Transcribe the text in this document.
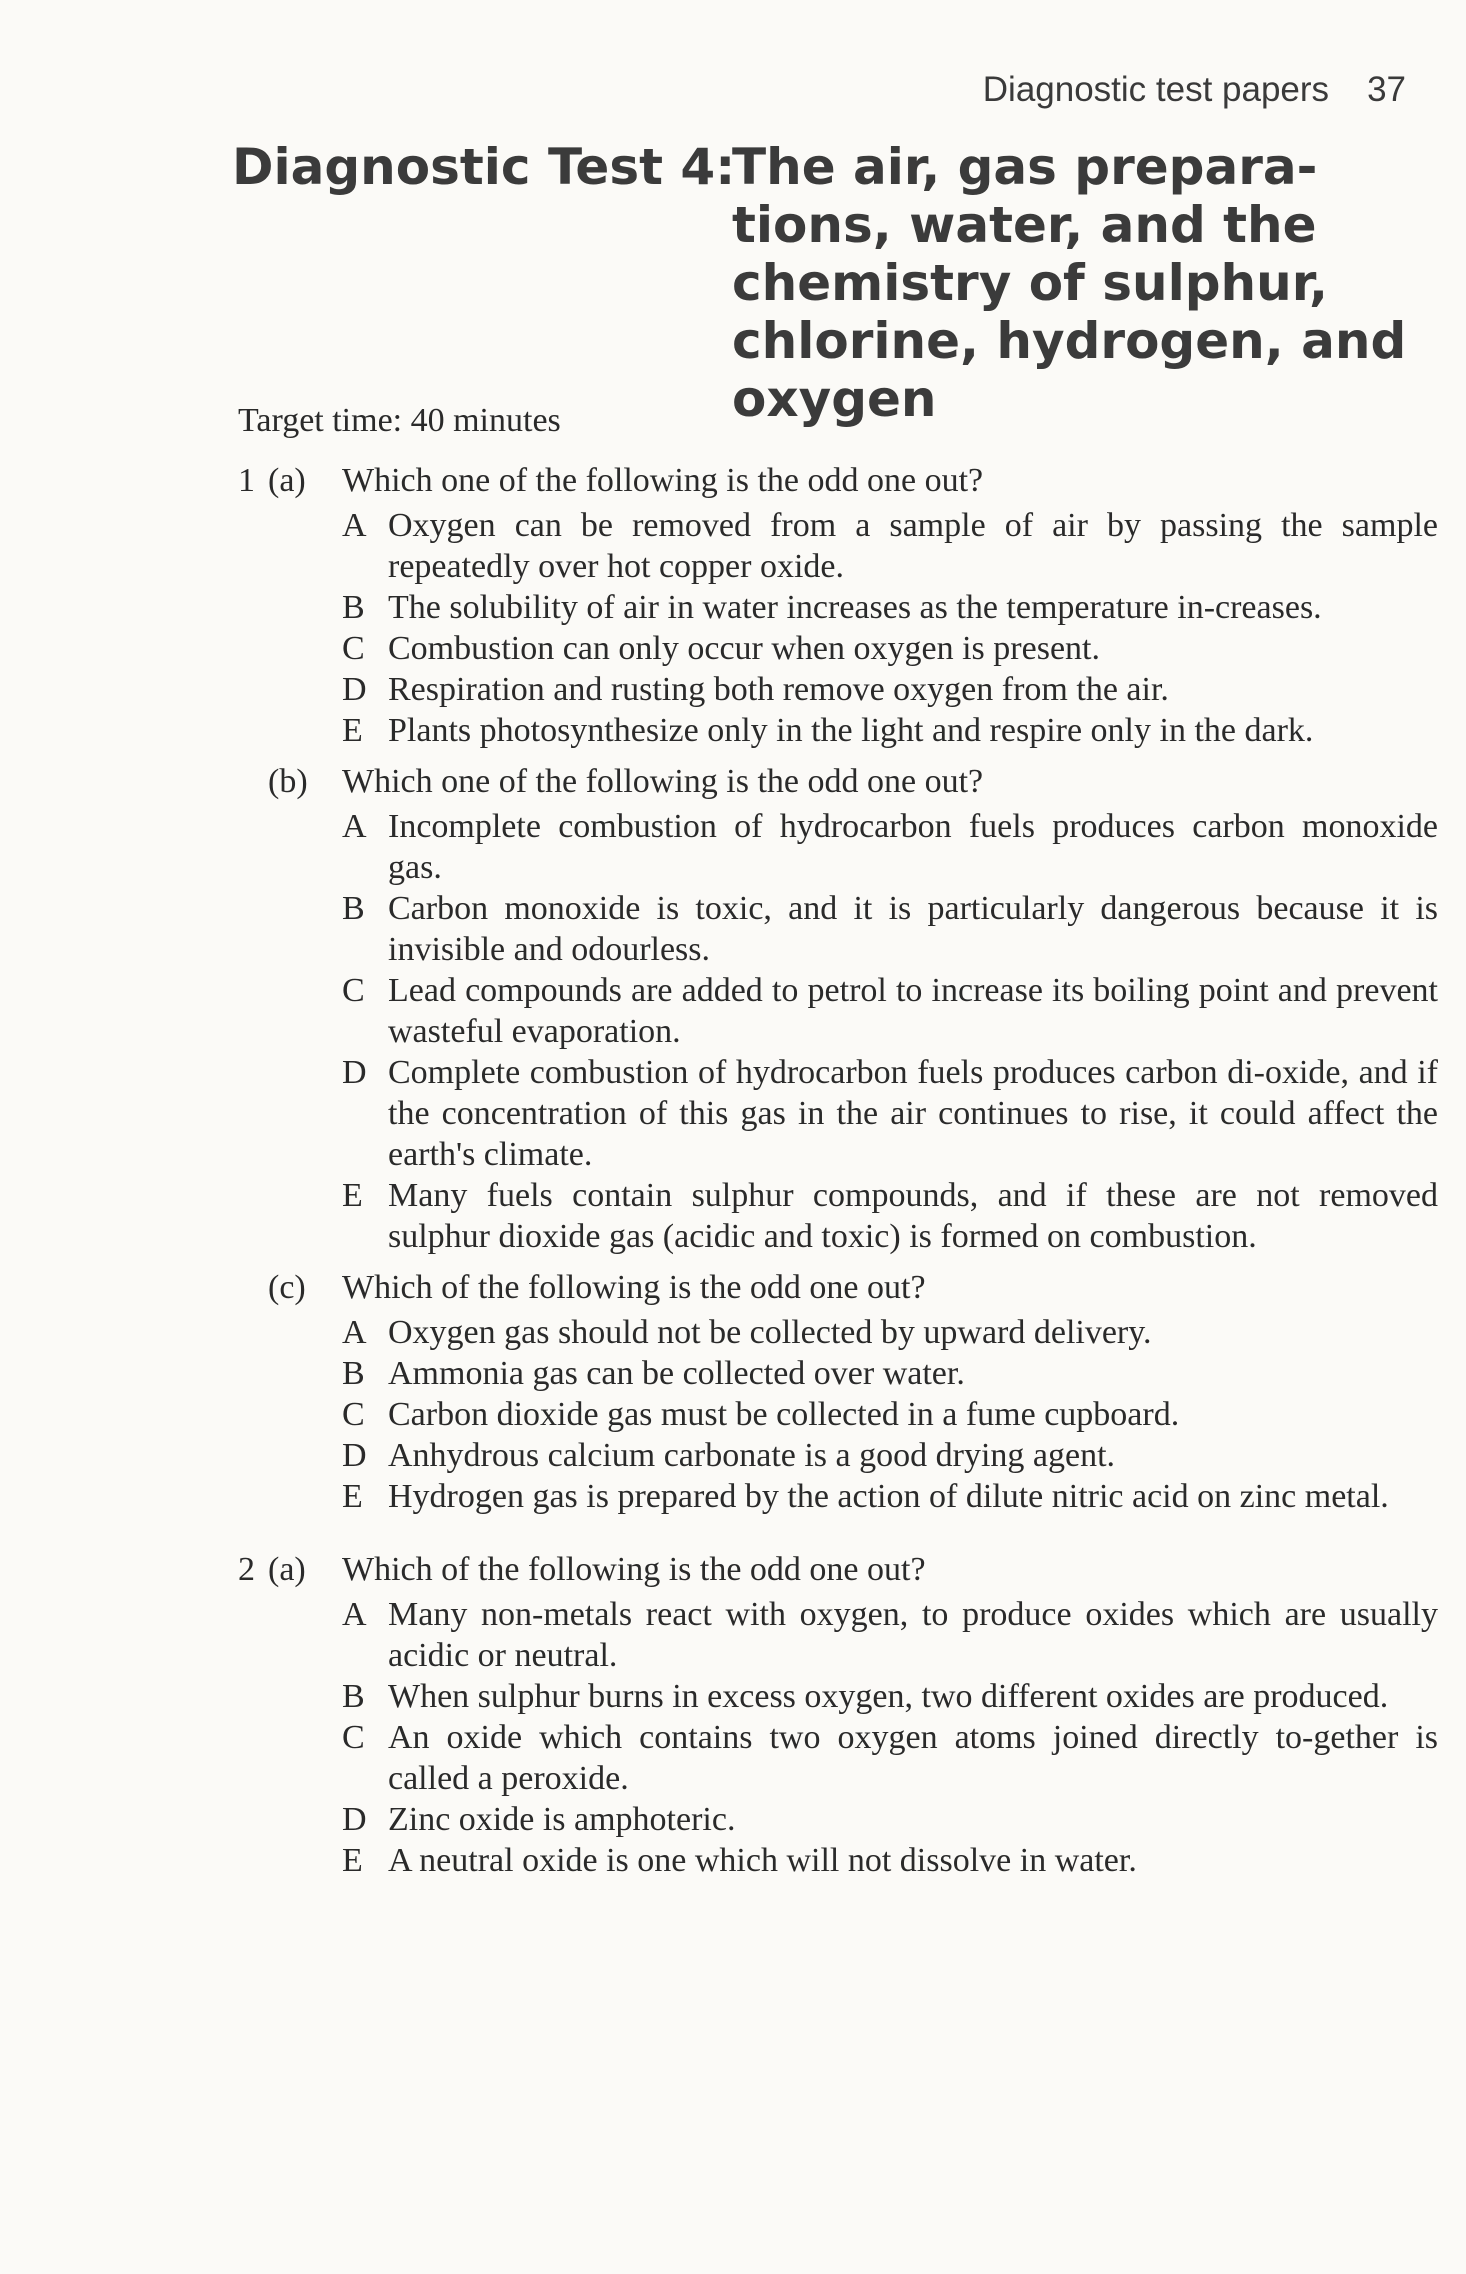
Diagnostic test papers 37
Diagnostic Test 4:
The air, gas prepara-
tions, water, and the
chemistry of sulphur,
chlorine, hydrogen, and
oxygen
Target time: 40 minutes
1 (a)	Which one of the following is the odd one out?
A Oxygen can be removed from a sample of air by passing the sample repeatedly over hot copper oxide.
B The solubility of air in water increases as the temperature in-creases.
C Combustion can only occur when oxygen is present.
D Respiration and rusting both remove oxygen from the air.
E Plants photosynthesize only in the light and respire only in the dark.
(b)	Which one of the following is the odd one out?
A Incomplete combustion of hydrocarbon fuels produces carbon monoxide gas.
B Carbon monoxide is toxic, and it is particularly dangerous because it is invisible and odourless.
C Lead compounds are added to petrol to increase its boiling point and prevent wasteful evaporation.
D Complete combustion of hydrocarbon fuels produces carbon di-oxide, and if the concentration of this gas in the air continues to rise, it could affect the earth's climate.
E Many fuels contain sulphur compounds, and if these are not removed sulphur dioxide gas (acidic and toxic) is formed on combustion.
(c)	Which of the following is the odd one out?
A Oxygen gas should not be collected by upward delivery.
B Ammonia gas can be collected over water.
C Carbon dioxide gas must be collected in a fume cupboard.
D Anhydrous calcium carbonate is a good drying agent.
E Hydrogen gas is prepared by the action of dilute nitric acid on zinc metal.
2 (a)	Which of the following is the odd one out?
A Many non-metals react with oxygen, to produce oxides which are usually acidic or neutral.
B When sulphur burns in excess oxygen, two different oxides are produced.
C An oxide which contains two oxygen atoms joined directly to-gether is called a peroxide.
D Zinc oxide is amphoteric.
E A neutral oxide is one which will not dissolve in water.
